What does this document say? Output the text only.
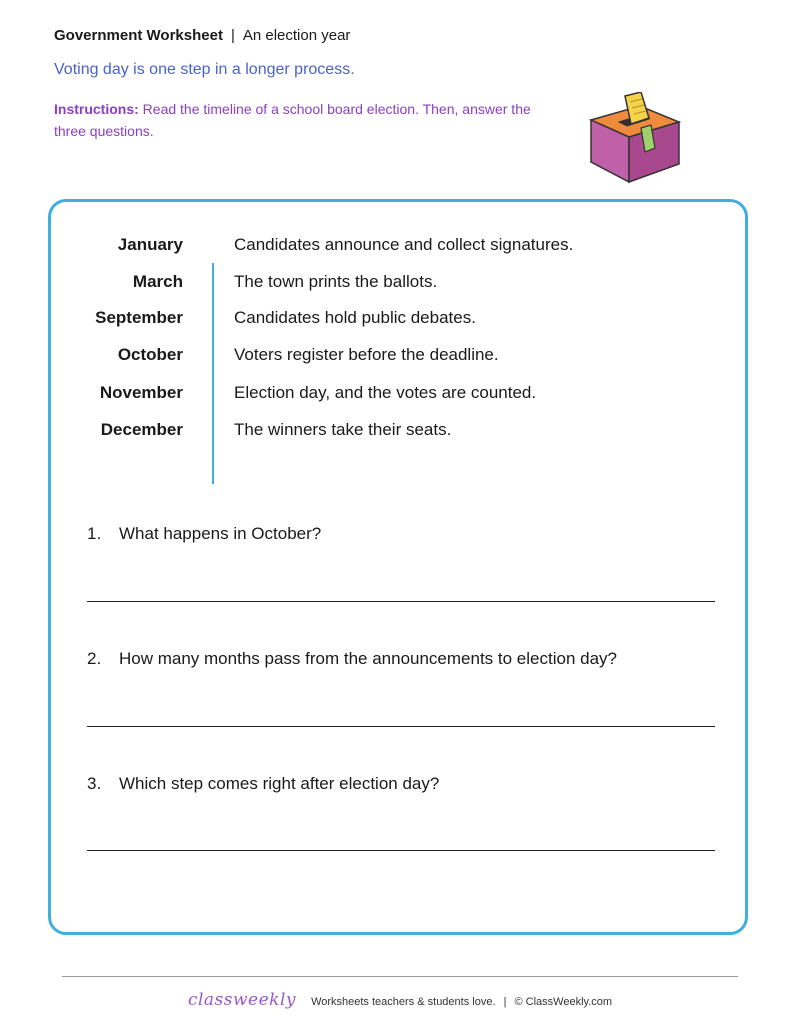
Government Worksheet | An election year
Voting day is one step in a longer process.
Instructions: Read the timeline of a school board election. Then, answer the three questions.
January	Candidates announce and collect signatures.
March	The town prints the ballots.
September	Candidates hold public debates.
October	Voters register before the deadline.
November	Election day, and the votes are counted.
December	The winners take their seats.
1. What happens in October?
2. How many months pass from the announcements to election day?
3. Which step comes right after election day?
classweekly Worksheets teachers & students love. | © ClassWeekly.com
